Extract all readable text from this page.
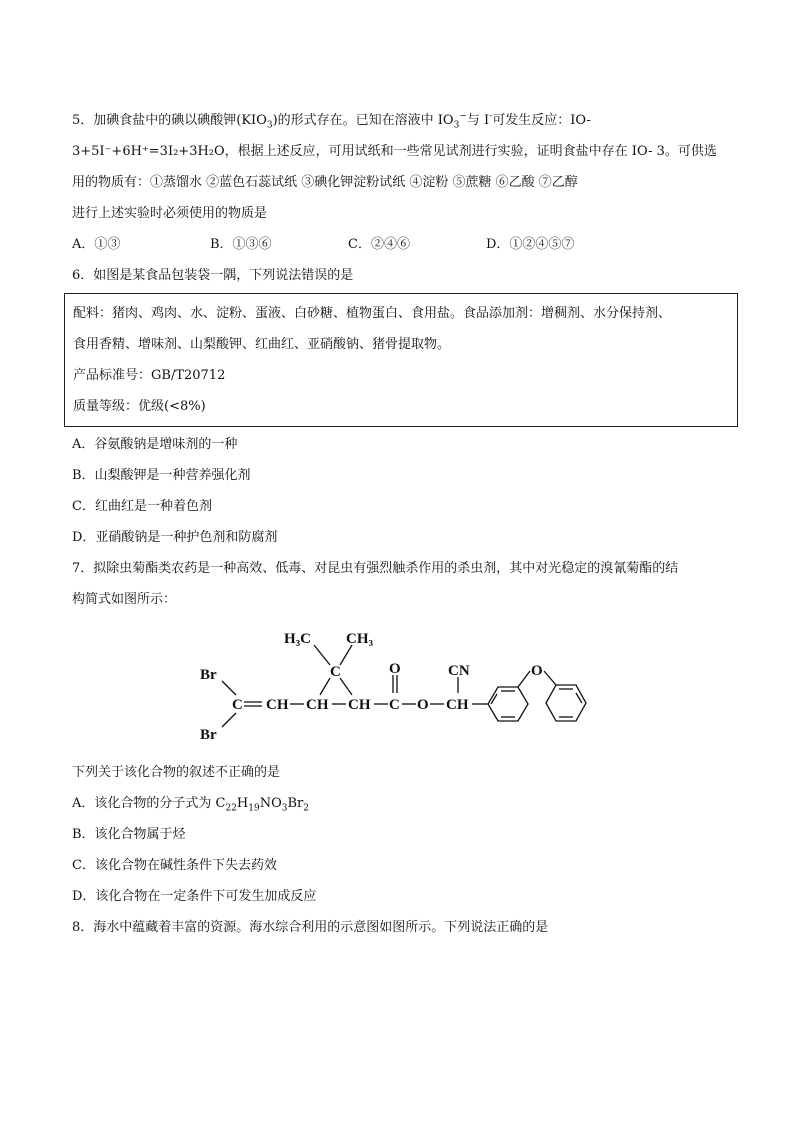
5．加碘食盐中的碘以碘酸钾$(KIO_3)$的形式存在。已知在溶液中 $IO_3^-$与 I-可发生反应：IO-
3+5I⁻+6H⁺=3I₂+3H₂O，根据上述反应，可用试纸和一些常见试剂进行实验，证明食盐中存在 IO- 3。可供选
用的物质有：①蒸馏水 ②蓝色石蕊试纸 ③碘化钾淀粉试纸 ④淀粉 ⑤蔗糖 ⑥乙酸 ⑦乙醇
进行上述实验时必须使用的物质是
A．①③	B．①③⑥	C．②④⑥	D．①②④⑤⑦
6．如图是某食品包装袋一隅，下列说法错误的是
配料：猪肉、鸡肉、水、淀粉、蛋液、白砂糖、植物蛋白、食用盐。食品添加剂：增稠剂、水分保持剂、
食用香精、增味剂、山梨酸钾、红曲红、亚硝酸钠、猪骨提取物。
产品标准号：GB/T20712
质量等级：优级(<8%)
A．谷氨酸钠是增味剂的一种
B．山梨酸钾是一种营养强化剂
C．红曲红是一种着色剂
D．亚硝酸钠是一种护色剂和防腐剂
7．拟除虫菊酯类农药是一种高效、低毒、对昆虫有强烈触杀作用的杀虫剂，其中对光稳定的溴氰菊酯的结
构简式如图所示：
Br
Br
C CH CH
C
CH
H₃C CH₃
C
O
O CH
CN	O
下列关于该化合物的叙述不正确的是
A．该化合物的分子式为 $C_{22}H_{19}NO_3Br_2$
B．该化合物属于烃
C．该化合物在碱性条件下失去药效
D．该化合物在一定条件下可发生加成反应
8．海水中蕴藏着丰富的资源。海水综合利用的示意图如图所示。下列说法正确的是
